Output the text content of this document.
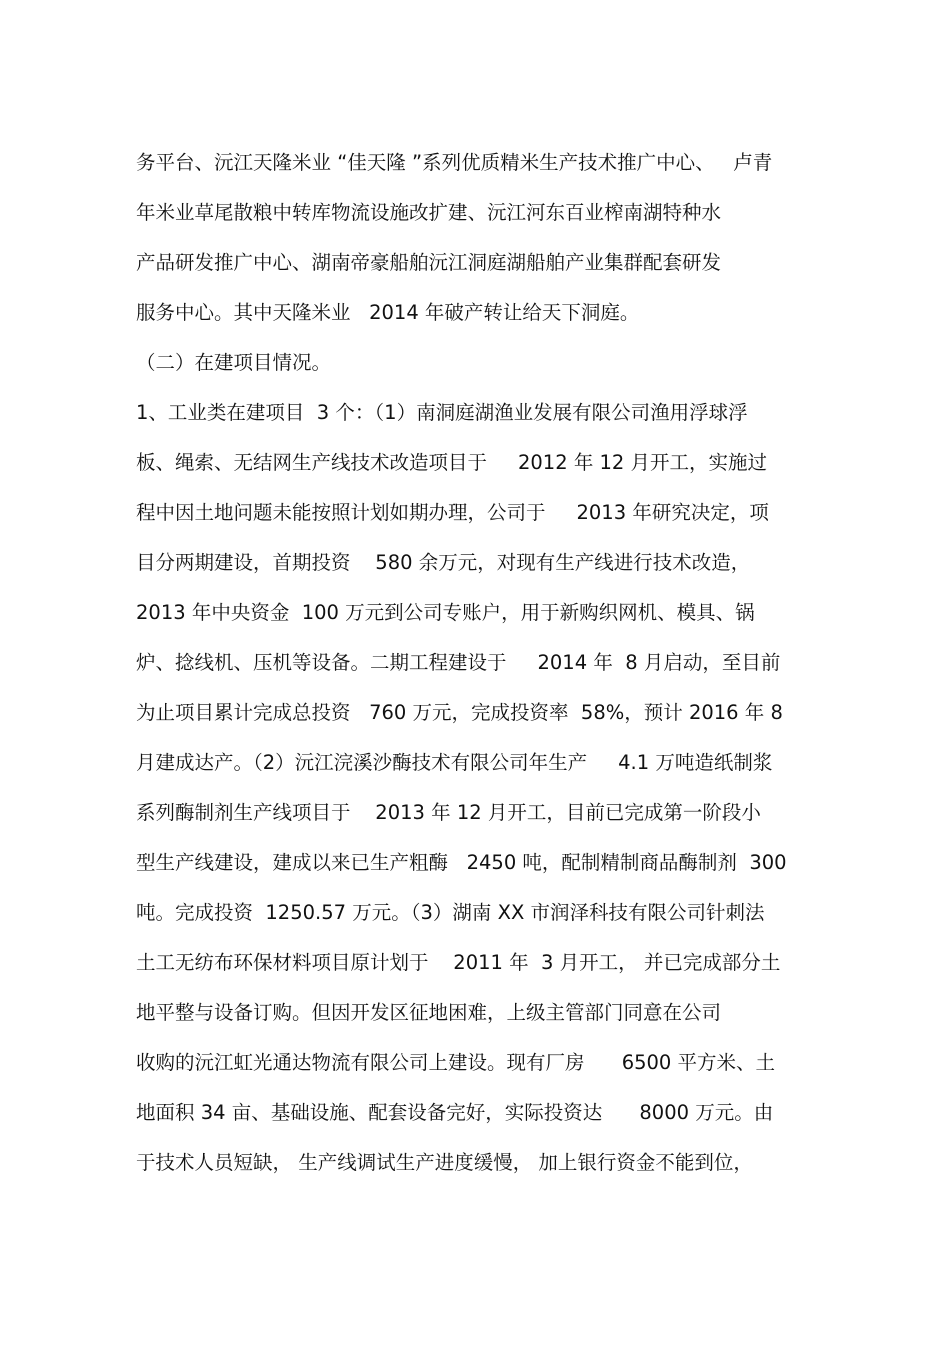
务平台、沅江天隆米业 “佳天隆 ”系列优质精米生产技术推广中心、   卢青
年米业草尾散粮中转库物流设施改扩建、沅江河东百业榨南湖特种水
产品研发推广中心、湖南帝豪船舶沅江洞庭湖船舶产业集群配套研发
服务中心。其中天隆米业   2014 年破产转让给天下洞庭。
（二）在建项目情况。
1、工业类在建项目  3 个：（1）南洞庭湖渔业发展有限公司渔用浮球浮
板、绳索、无结网生产线技术改造项目于     2012 年 12 月开工，实施过
程中因土地问题未能按照计划如期办理，公司于     2013 年研究决定，项
目分两期建设，首期投资    580 余万元，对现有生产线进行技术改造，
2013 年中央资金  100 万元到公司专账户，用于新购织网机、模具、锅
炉、捻线机、压机等设备。二期工程建设于     2014 年  8 月启动，至目前
为止项目累计完成总投资   760 万元，完成投资率  58%，预计 2016 年 8
月建成达产。（2）沅江浣溪沙酶技术有限公司年生产     4.1 万吨造纸制浆
系列酶制剂生产线项目于    2013 年 12 月开工，目前已完成第一阶段小
型生产线建设，建成以来已生产粗酶   2450 吨，配制精制商品酶制剂  300
吨。完成投资  1250.57 万元。（3）湖南 XX 市润泽科技有限公司针刺法
土工无纺布环保材料项目原计划于    2011 年  3 月开工， 并已完成部分土
地平整与设备订购。但因开发区征地困难，上级主管部门同意在公司
收购的沅江虹光通达物流有限公司上建设。现有厂房      6500 平方米、土
地面积 34 亩、基础设施、配套设备完好，实际投资达      8000 万元。由
于技术人员短缺， 生产线调试生产进度缓慢， 加上银行资金不能到位，
